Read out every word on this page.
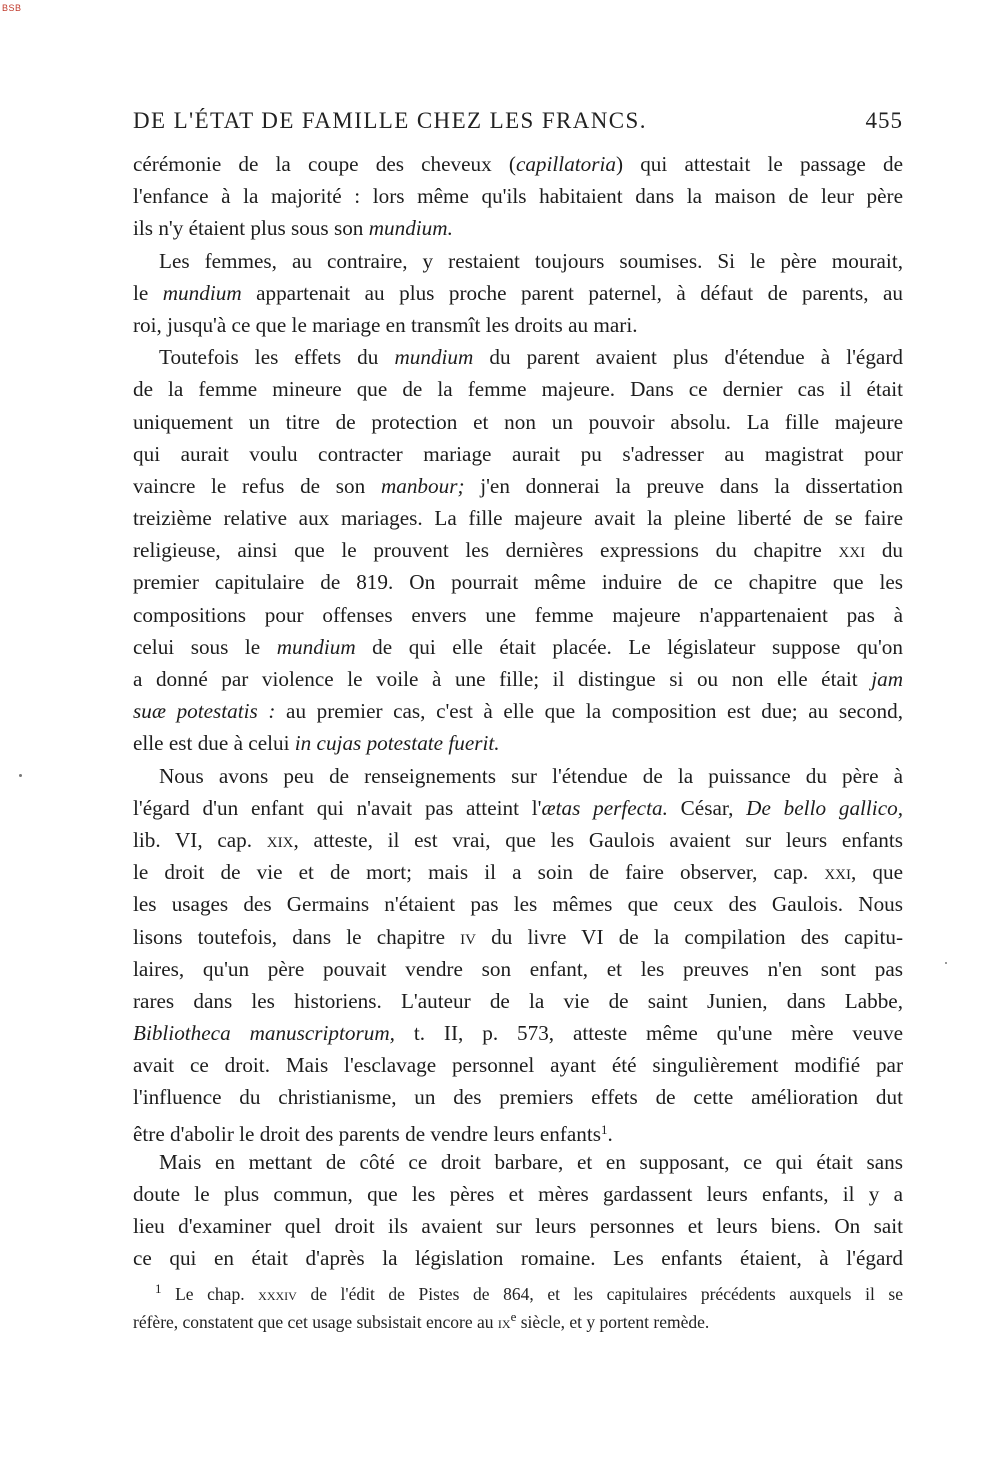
BSB
DE L'ÉTAT DE FAMILLE CHEZ LES FRANCS.	455
cérémonie de la coupe des cheveux (capillatoria) qui attestait le passage de
l'enfance à la majorité : lors même qu'ils habitaient dans la maison de leur père
ils n'y étaient plus sous son mundium.
Les femmes, au contraire, y restaient toujours soumises. Si le père mourait,
le mundium appartenait au plus proche parent paternel, à défaut de parents, au
roi, jusqu'à ce que le mariage en transmît les droits au mari.
Toutefois les effets du mundium du parent avaient plus d'étendue à l'égard
de la femme mineure que de la femme majeure. Dans ce dernier cas il était
uniquement un titre de protection et non un pouvoir absolu. La fille majeure
qui aurait voulu contracter mariage aurait pu s'adresser au magistrat pour
vaincre le refus de son manbour; j'en donnerai la preuve dans la dissertation
treizième relative aux mariages. La fille majeure avait la pleine liberté de se faire
religieuse, ainsi que le prouvent les dernières expressions du chapitre xxi du
premier capitulaire de 819. On pourrait même induire de ce chapitre que les
compositions pour offenses envers une femme majeure n'appartenaient pas à
celui sous le mundium de qui elle était placée. Le législateur suppose qu'on
a donné par violence le voile à une fille; il distingue si ou non elle était jam
suæ potestatis : au premier cas, c'est à elle que la composition est due; au second,
elle est due à celui in cujas potestate fuerit.
Nous avons peu de renseignements sur l'étendue de la puissance du père à
l'égard d'un enfant qui n'avait pas atteint l'ætas perfecta. César, De bello gallico,
lib. VI, cap. xix, atteste, il est vrai, que les Gaulois avaient sur leurs enfants
le droit de vie et de mort; mais il a soin de faire observer, cap. xxi, que
les usages des Germains n'étaient pas les mêmes que ceux des Gaulois. Nous
lisons toutefois, dans le chapitre iv du livre VI de la compilation des capitu-
laires, qu'un père pouvait vendre son enfant, et les preuves n'en sont pas
rares dans les historiens. L'auteur de la vie de saint Junien, dans Labbe,
Bibliotheca manuscriptorum, t. II, p. 573, atteste même qu'une mère veuve
avait ce droit. Mais l'esclavage personnel ayant été singulièrement modifié par
l'influence du christianisme, un des premiers effets de cette amélioration dut
être d'abolir le droit des parents de vendre leurs enfants$^1$.
Mais en mettant de côté ce droit barbare, et en supposant, ce qui était sans
doute le plus commun, que les pères et mères gardassent leurs enfants, il y a
lieu d'examiner quel droit ils avaient sur leurs personnes et leurs biens. On sait
ce qui en était d'après la législation romaine. Les enfants étaient, à l'égard
$^1$ Le chap. xxxiv de l'édit de Pistes de 864, et les capitulaires précédents auxquels il se
réfère, constatent que cet usage subsistait encore au $ix^e$ siècle, et y portent remède.
